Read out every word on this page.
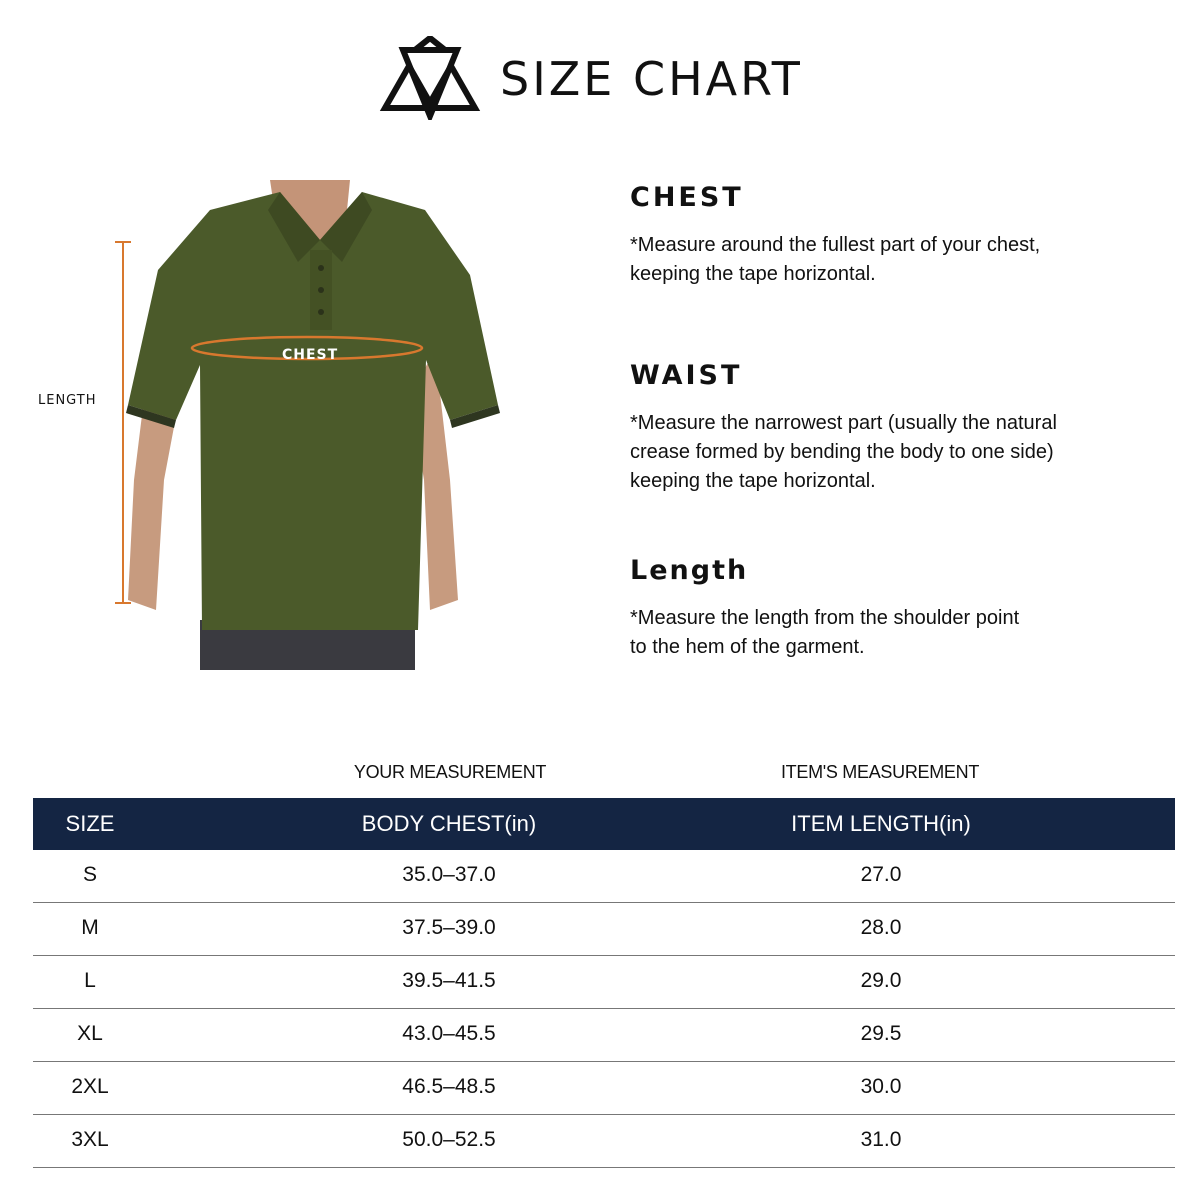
SIZE CHART
LENGTH
CHEST
CHEST

*Measure around the fullest part of your chest,
keeping the tape horizontal.

WAIST

*Measure the narrowest part (usually the natural
crease formed by bending the body to one side)
keeping the tape horizontal.

Length

*Measure the length from the shoulder point
to the hem of the garment.

YOUR MEASUREMENT	ITEM'S MEASUREMENT
SIZE	BODY CHEST(in)	ITEM LENGTH(in)
S	35.0–37.0	27.0
M	37.5–39.0	28.0
L	39.5–41.5	29.0
XL	43.0–45.5	29.5
2XL	46.5–48.5	30.0
3XL	50.0–52.5	31.0
